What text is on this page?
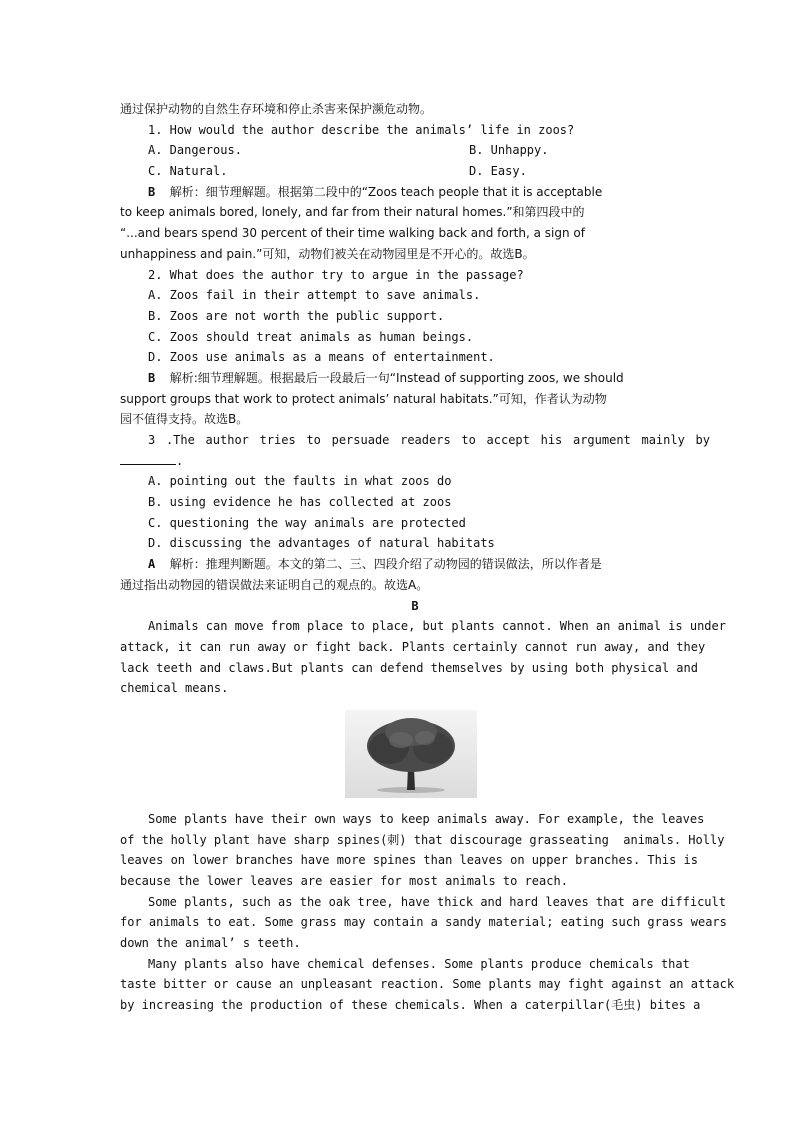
通过保护动物的自然生存环境和停止杀害来保护濒危动物。
1. How would the author describe the animals’ life in zoos?
A. Dangerous.	B. Unhappy.
C. Natural.	D. Easy.
B 解析：细节理解题。根据第二段中的“Zoos teach people that it is acceptable
to keep animals bored, lonely, and far from their natural homes.”和第四段中的
“...and bears spend 30 percent of their time walking back and forth, a sign of
unhappiness and pain.”可知，动物们被关在动物园里是不开心的。故选B。
2. What does the author try to argue in the passage?
A. Zoos fail in their attempt to save animals.
B. Zoos are not worth the public support.
C. Zoos should treat animals as human beings.
D. Zoos use animals as a means of entertainment.
B 解析:细节理解题。根据最后一段最后一句“Instead of supporting zoos, we should
support groups that work to protect animals’ natural habitats.”可知，作者认为动物
园不值得支持。故选B。
3 .The author tries to persuade readers to accept his argument mainly by
.
A. pointing out the faults in what zoos do
B. using evidence he has collected at zoos
C. questioning the way animals are protected
D. discussing the advantages of natural habitats
A 解析：推理判断题。本文的第二、三、四段介绍了动物园的错误做法，所以作者是
通过指出动物园的错误做法来证明自己的观点的。故选A。
B
Animals can move from place to place, but plants cannot. When an animal is under
attack, it can run away or fight back. Plants certainly cannot run away, and they
lack teeth and claws.But plants can defend themselves by using both physical and
chemical means.
Some plants have their own ways to keep animals away. For example, the leaves
of the holly plant have sharp spines(刺) that discourage grasseating  animals. Holly
leaves on lower branches have more spines than leaves on upper branches. This is
because the lower leaves are easier for most animals to reach.
Some plants, such as the oak tree, have thick and hard leaves that are difficult
for animals to eat. Some grass may contain a sandy material; eating such grass wears
down the animal’ s teeth.
Many plants also have chemical defenses. Some plants produce chemicals that
taste bitter or cause an unpleasant reaction. Some plants may fight against an attack
by increasing the production of these chemicals. When a caterpillar(毛虫) bites a
